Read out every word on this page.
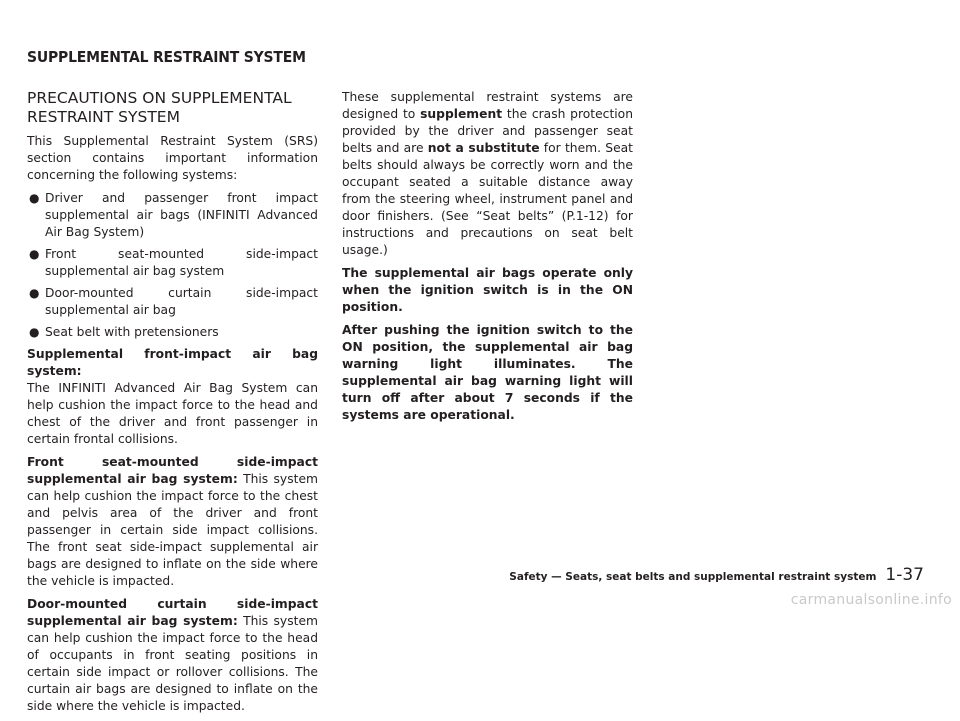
SUPPLEMENTAL RESTRAINT SYSTEM
PRECAUTIONS ON SUPPLEMENTAL RESTRAINT SYSTEM

This Supplemental Restraint System (SRS) section contains important information concerning the following systems:

● Driver and passenger front impact supplemental air bags (INFINITI Advanced Air Bag System)
● Front seat-mounted side-impact supplemental air bag system
● Door-mounted curtain side-impact supplemental air bag
● Seat belt with pretensioners

Supplemental front-impact air bag system:
The INFINITI Advanced Air Bag System can help cushion the impact force to the head and chest of the driver and front passenger in certain frontal collisions.

Front seat-mounted side-impact supplemental air bag system: This system can help cushion the impact force to the chest and pelvis area of the driver and front passenger in certain side impact collisions. The front seat side-impact supplemental air bags are designed to inflate on the side where the vehicle is impacted.

Door-mounted curtain side-impact supplemental air bag system: This system can help cushion the impact force to the head of occupants in front seating positions in certain side impact or rollover collisions. The curtain air bags are designed to inflate on the side where the vehicle is impacted.

These supplemental restraint systems are designed to supplement the crash protection provided by the driver and passenger seat belts and are not a substitute for them. Seat belts should always be correctly worn and the occupant seated a suitable distance away from the steering wheel, instrument panel and door finishers. (See “Seat belts” (P.1-12) for instructions and precautions on seat belt usage.)

The supplemental air bags operate only when the ignition switch is in the ON position.

After pushing the ignition switch to the ON position, the supplemental air bag warning light illuminates. The supplemental air bag warning light will turn off after about 7 seconds if the systems are operational.

Safety — Seats, seat belts and supplemental restraint system 1-37
carmanualsonline.info
